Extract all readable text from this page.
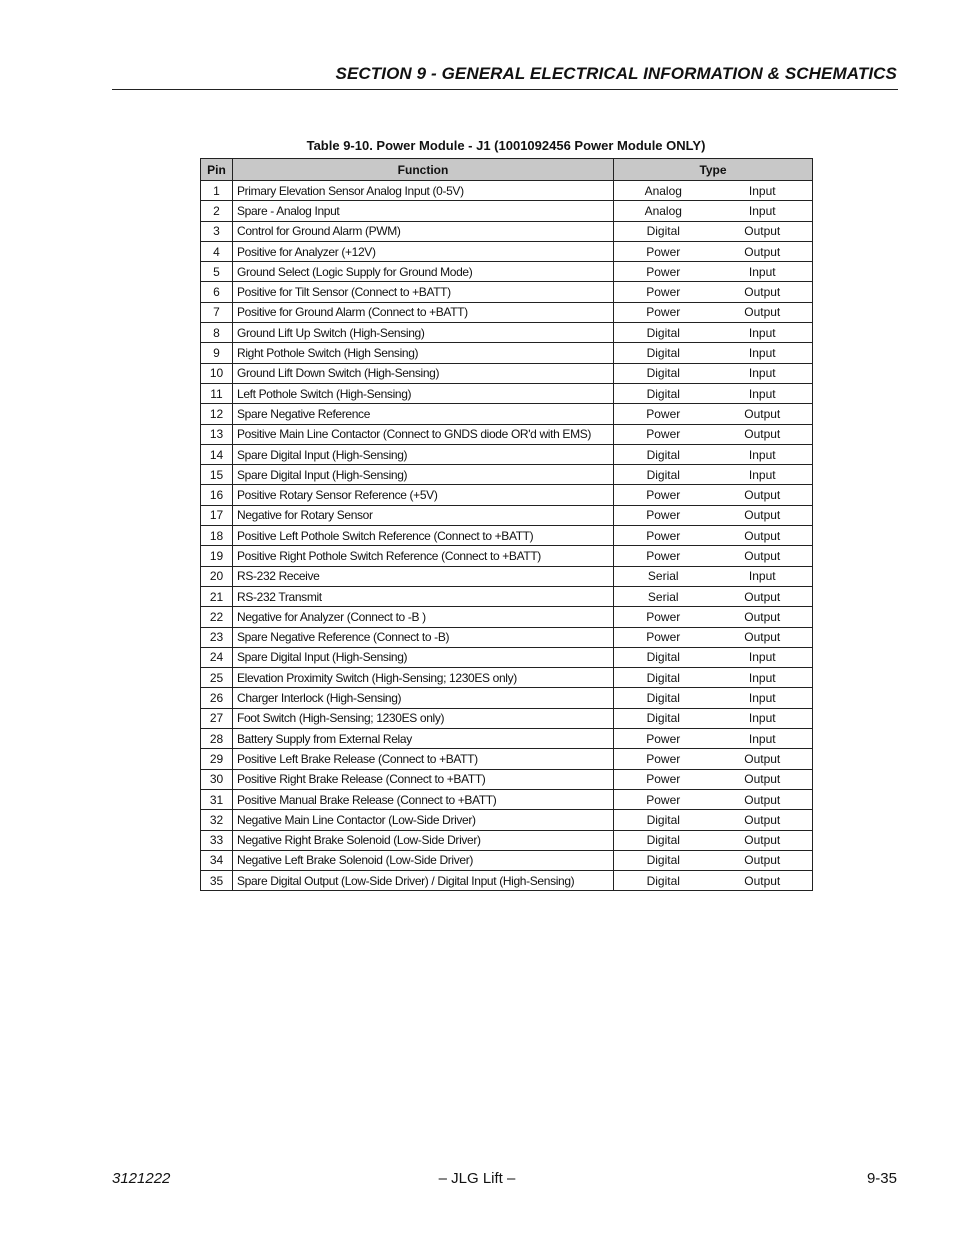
SECTION 9 - GENERAL ELECTRICAL INFORMATION & SCHEMATICS
Table 9-10. Power Module - J1 (1001092456 Power Module ONLY)
Pin	Function	Type	
1	Primary Elevation Sensor Analog Input (0-5V)	Analog	Input
2	Spare - Analog Input	Analog	Input
3	Control for Ground Alarm (PWM)	Digital	Output
4	Positive for Analyzer (+12V)	Power	Output
5	Ground Select (Logic Supply for Ground Mode)	Power	Input
6	Positive for Tilt Sensor (Connect to +BATT)	Power	Output
7	Positive for Ground Alarm (Connect to +BATT)	Power	Output
8	Ground Lift Up Switch (High-Sensing)	Digital	Input
9	Right Pothole Switch (High Sensing)	Digital	Input
10	Ground Lift Down Switch (High-Sensing)	Digital	Input
11	Left Pothole Switch (High-Sensing)	Digital	Input
12	Spare Negative Reference	Power	Output
13	Positive Main Line Contactor (Connect to GNDS diode OR'd with EMS)	Power	Output
14	Spare Digital Input (High-Sensing)	Digital	Input
15	Spare Digital Input (High-Sensing)	Digital	Input
16	Positive Rotary Sensor Reference (+5V)	Power	Output
17	Negative for Rotary Sensor	Power	Output
18	Positive Left Pothole Switch Reference (Connect to +BATT)	Power	Output
19	Positive Right Pothole Switch Reference (Connect to +BATT)	Power	Output
20	RS-232 Receive	Serial	Input
21	RS-232 Transmit	Serial	Output
22	Negative for Analyzer (Connect to -B )	Power	Output
23	Spare Negative Reference (Connect to -B)	Power	Output
24	Spare Digital Input (High-Sensing)	Digital	Input
25	Elevation Proximity Switch (High-Sensing; 1230ES only)	Digital	Input
26	Charger Interlock (High-Sensing)	Digital	Input
27	Foot Switch (High-Sensing; 1230ES only)	Digital	Input
28	Battery Supply from External Relay	Power	Input
29	Positive Left Brake Release (Connect to +BATT)	Power	Output
30	Positive Right Brake Release (Connect to +BATT)	Power	Output
31	Positive Manual Brake Release (Connect to +BATT)	Power	Output
32	Negative Main Line Contactor (Low-Side Driver)	Digital	Output
33	Negative Right Brake Solenoid (Low-Side Driver)	Digital	Output
34	Negative Left Brake Solenoid (Low-Side Driver)	Digital	Output
35	Spare Digital Output (Low-Side Driver) / Digital Input (High-Sensing)	Digital	Output
3121222	– JLG Lift –	9-35
